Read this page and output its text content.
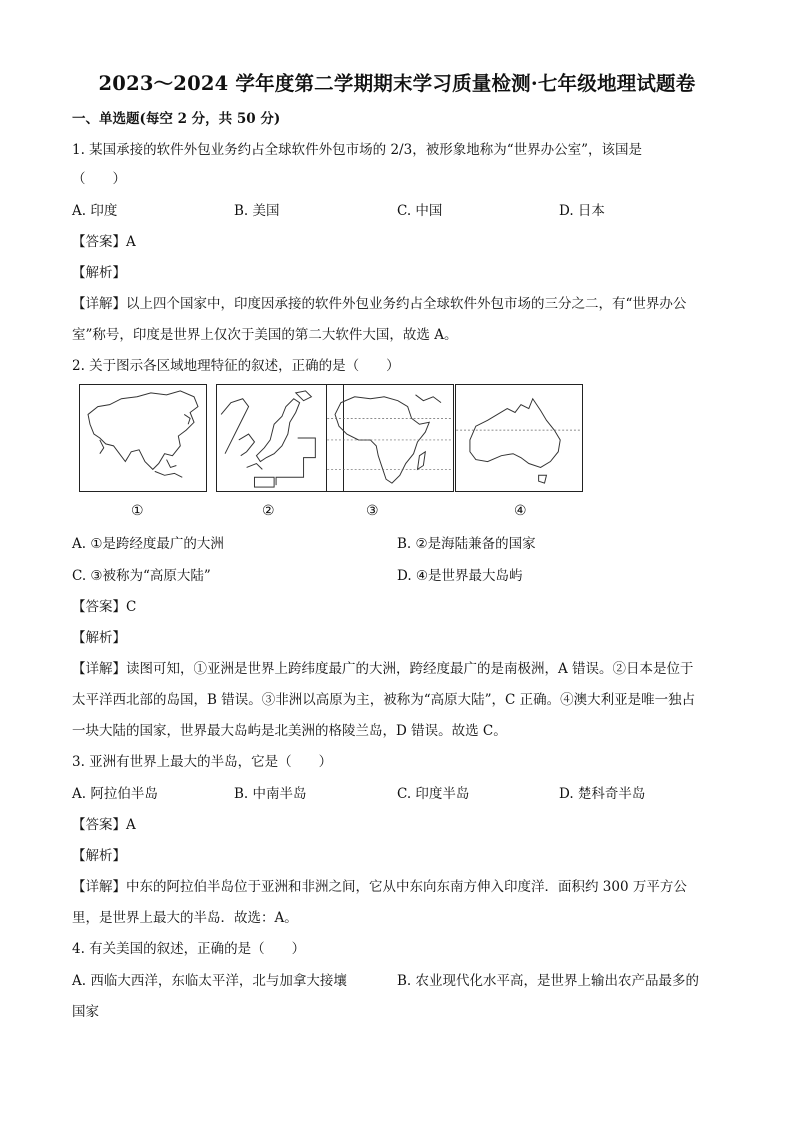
2023～2024 学年度第二学期期末学习质量检测·七年级地理试题卷
一、单选题(每空 2 分，共 50 分)
1. 某国承接的软件外包业务约占全球软件外包市场的 2/3，被形象地称为“世界办公室”，该国是
（　　）
A. 印度	B. 美国	C. 中国	D. 日本
【答案】A
【解析】
【详解】以上四个国家中，印度因承接的软件外包业务约占全球软件外包市场的三分之二，有“世界办公
室”称号，印度是世界上仅次于美国的第二大软件大国，故选 A。
2. 关于图示各区域地理特征的叙述，正确的是（　　）
①	②	③	④
A. ①是跨经度最广的大洲	B. ②是海陆兼备的国家
C. ③被称为“高原大陆”	D. ④是世界最大岛屿
【答案】C
【解析】
【详解】读图可知，①亚洲是世界上跨纬度最广的大洲，跨经度最广的是南极洲，A 错误。②日本是位于
太平洋西北部的岛国，B 错误。③非洲以高原为主，被称为“高原大陆”，C 正确。④澳大利亚是唯一独占
一块大陆的国家，世界最大岛屿是北美洲的格陵兰岛，D 错误。故选 C。
3. 亚洲有世界上最大的半岛，它是（　　）
A. 阿拉伯半岛	B. 中南半岛	C. 印度半岛	D. 楚科奇半岛
【答案】A
【解析】
【详解】中东的阿拉伯半岛位于亚洲和非洲之间，它从中东向东南方伸入印度洋．面积约 300 万平方公
里，是世界上最大的半岛．故选：A。
4. 有关美国的叙述，正确的是（　　）
A. 西临大西洋，东临太平洋，北与加拿大接壤	B. 农业现代化水平高，是世界上输出农产品最多的
国家
